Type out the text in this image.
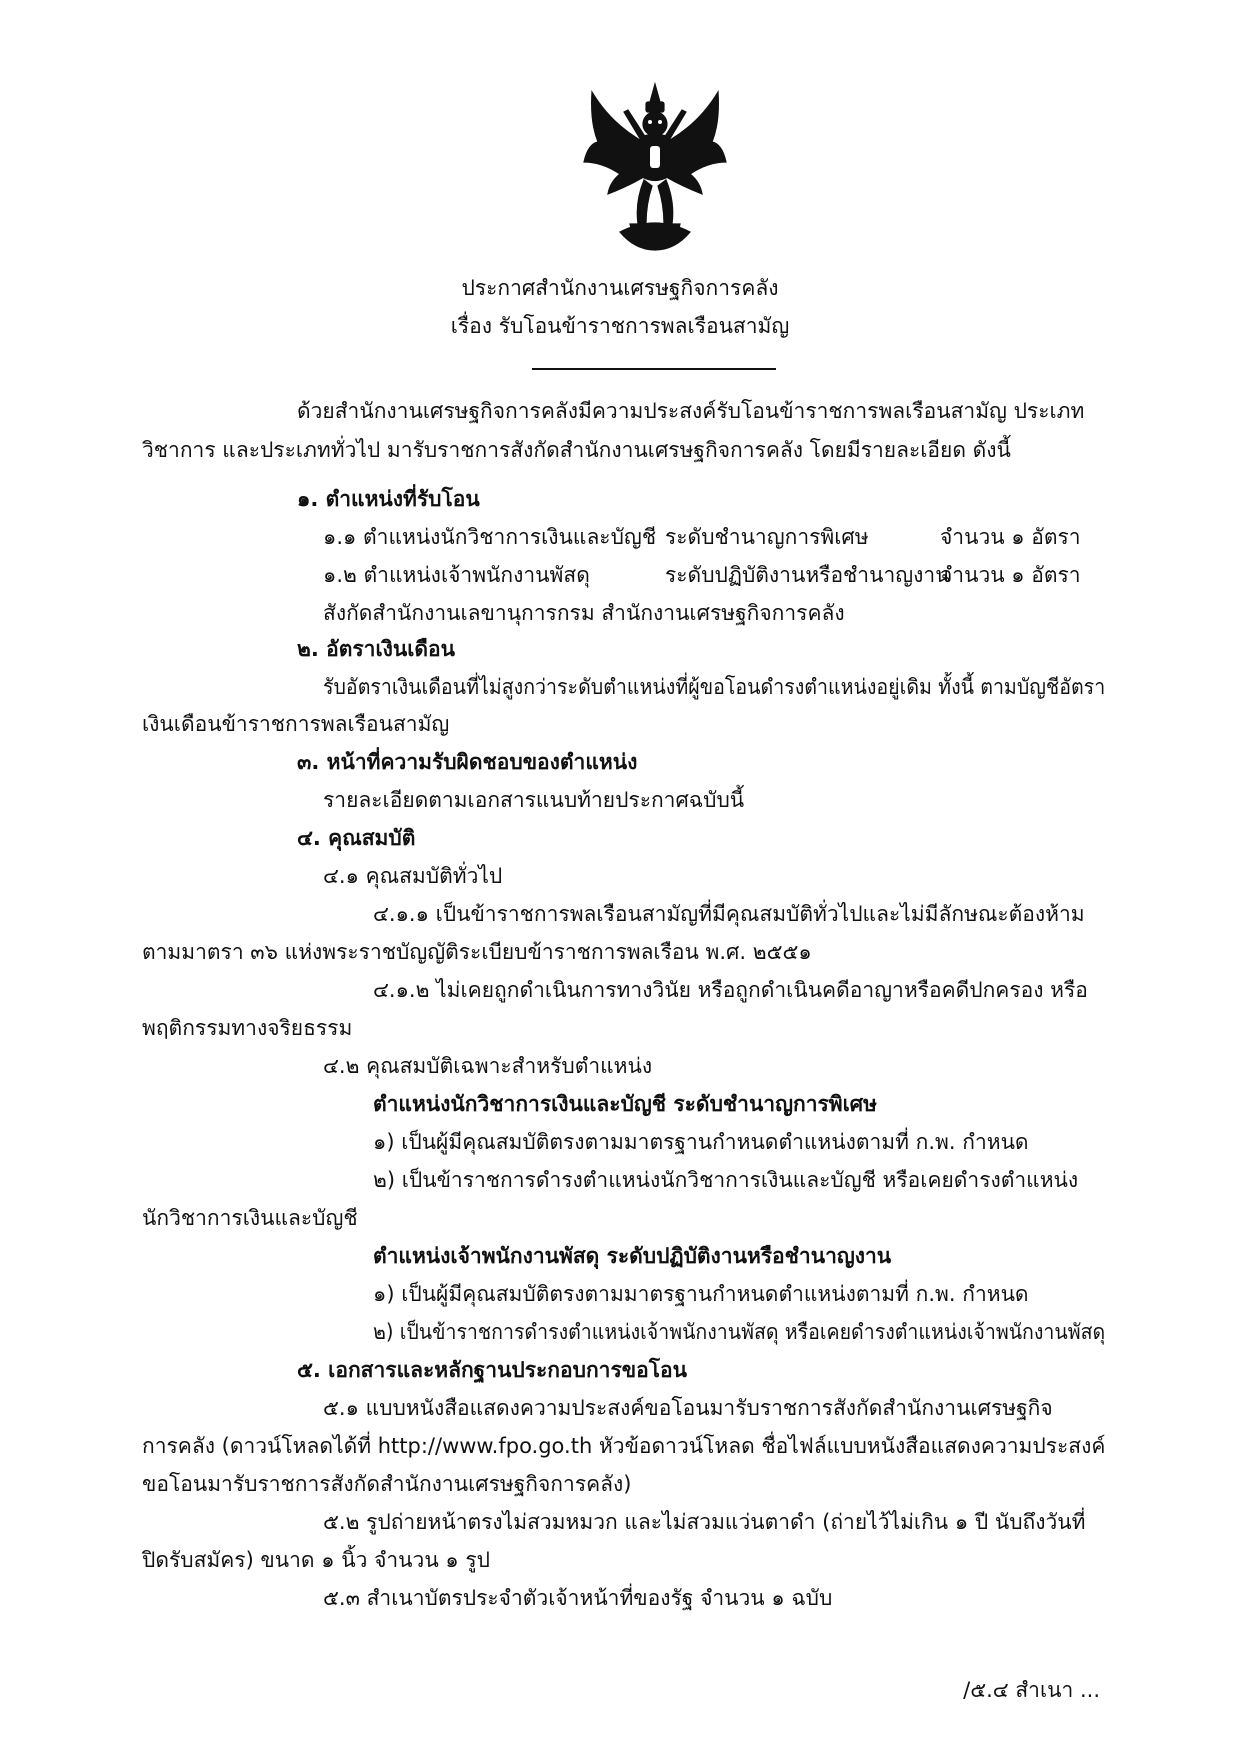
ประกาศสำนักงานเศรษฐกิจการคลัง
เรื่อง รับโอนข้าราชการพลเรือนสามัญ
ด้วยสำนักงานเศรษฐกิจการคลังมีความประสงค์รับโอนข้าราชการพลเรือนสามัญ ประเภท
วิชาการ และประเภททั่วไป มารับราชการสังกัดสำนักงานเศรษฐกิจการคลัง โดยมีรายละเอียด ดังนี้
๑. ตำแหน่งที่รับโอน
๑.๑ ตำแหน่งนักวิชาการเงินและบัญชี ระดับชำนาญการพิเศษ	จำนวน ๑ อัตรา
๑.๒ ตำแหน่งเจ้าพนักงานพัสดุ	ระดับปฏิบัติงานหรือชำนาญงาน
จำนวน ๑ อัตรา
สังกัดสำนักงานเลขานุการกรม สำนักงานเศรษฐกิจการคลัง
๒. อัตราเงินเดือน
รับอัตราเงินเดือนที่ไม่สูงกว่าระดับตำแหน่งที่ผู้ขอโอนดำรงตำแหน่งอยู่เดิม ทั้งนี้ ตามบัญชีอัตรา
เงินเดือนข้าราชการพลเรือนสามัญ
๓. หน้าที่ความรับผิดชอบของตำแหน่ง
รายละเอียดตามเอกสารแนบท้ายประกาศฉบับนี้
๔. คุณสมบัติ
๔.๑ คุณสมบัติทั่วไป
๔.๑.๑ เป็นข้าราชการพลเรือนสามัญที่มีคุณสมบัติทั่วไปและไม่มีลักษณะต้องห้าม
ตามมาตรา ๓๖ แห่งพระราชบัญญัติระเบียบข้าราชการพลเรือน พ.ศ. ๒๕๕๑
๔.๑.๒ ไม่เคยถูกดำเนินการทางวินัย หรือถูกดำเนินคดีอาญาหรือคดีปกครอง หรือ
พฤติกรรมทางจริยธรรม
๔.๒ คุณสมบัติเฉพาะสำหรับตำแหน่ง
ตำแหน่งนักวิชาการเงินและบัญชี ระดับชำนาญการพิเศษ
๑) เป็นผู้มีคุณสมบัติตรงตามมาตรฐานกำหนดตำแหน่งตามที่ ก.พ. กำหนด
๒) เป็นข้าราชการดำรงตำแหน่งนักวิชาการเงินและบัญชี หรือเคยดำรงตำแหน่ง
นักวิชาการเงินและบัญชี
ตำแหน่งเจ้าพนักงานพัสดุ ระดับปฏิบัติงานหรือชำนาญงาน
๑) เป็นผู้มีคุณสมบัติตรงตามมาตรฐานกำหนดตำแหน่งตามที่ ก.พ. กำหนด
๒) เป็นข้าราชการดำรงตำแหน่งเจ้าพนักงานพัสดุ หรือเคยดำรงตำแหน่งเจ้าพนักงานพัสดุ
๕. เอกสารและหลักฐานประกอบการขอโอน
๕.๑ แบบหนังสือแสดงความประสงค์ขอโอนมารับราชการสังกัดสำนักงานเศรษฐกิจ
การคลัง (ดาวน์โหลดได้ที่ http://www.fpo.go.th หัวข้อดาวน์โหลด ชื่อไฟล์แบบหนังสือแสดงความประสงค์
ขอโอนมารับราชการสังกัดสำนักงานเศรษฐกิจการคลัง)
๕.๒ รูปถ่ายหน้าตรงไม่สวมหมวก และไม่สวมแว่นตาดำ (ถ่ายไว้ไม่เกิน ๑ ปี นับถึงวันที่
ปิดรับสมัคร) ขนาด ๑ นิ้ว จำนวน ๑ รูป
๕.๓ สำเนาบัตรประจำตัวเจ้าหน้าที่ของรัฐ จำนวน ๑ ฉบับ
/๕.๔ สำเนา ...
